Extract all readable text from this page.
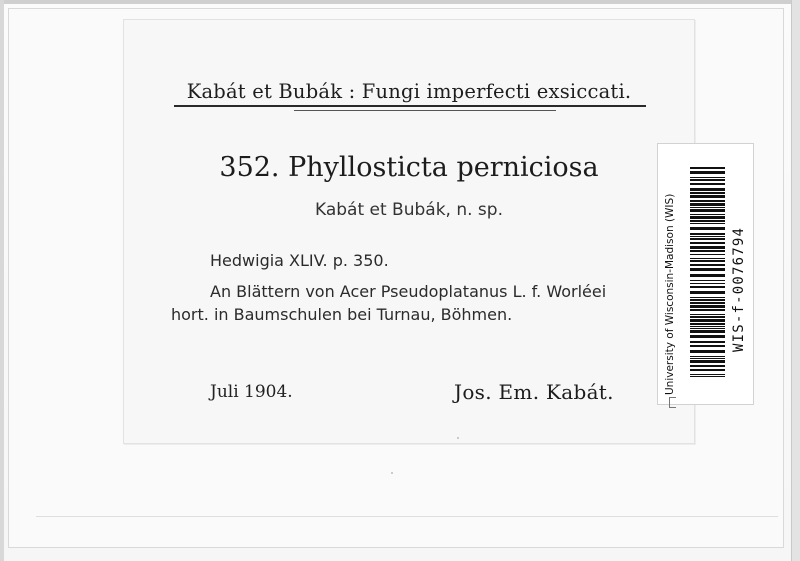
Kabát et Bubák : Fungi imperfecti exsiccati.
352. Phyllosticta perniciosa
Kabát et Bubák, n. sp.
Hedwigia XLIV. p. 350.
An Blättern von Acer Pseudoplatanus L. f. Worléei
hort. in Baumschulen bei Turnau, Böhmen.
Juli 1904.	Jos. Em. Kabát.	University of Wisconsin-Madison (WIS)	WIS-f-0076794
